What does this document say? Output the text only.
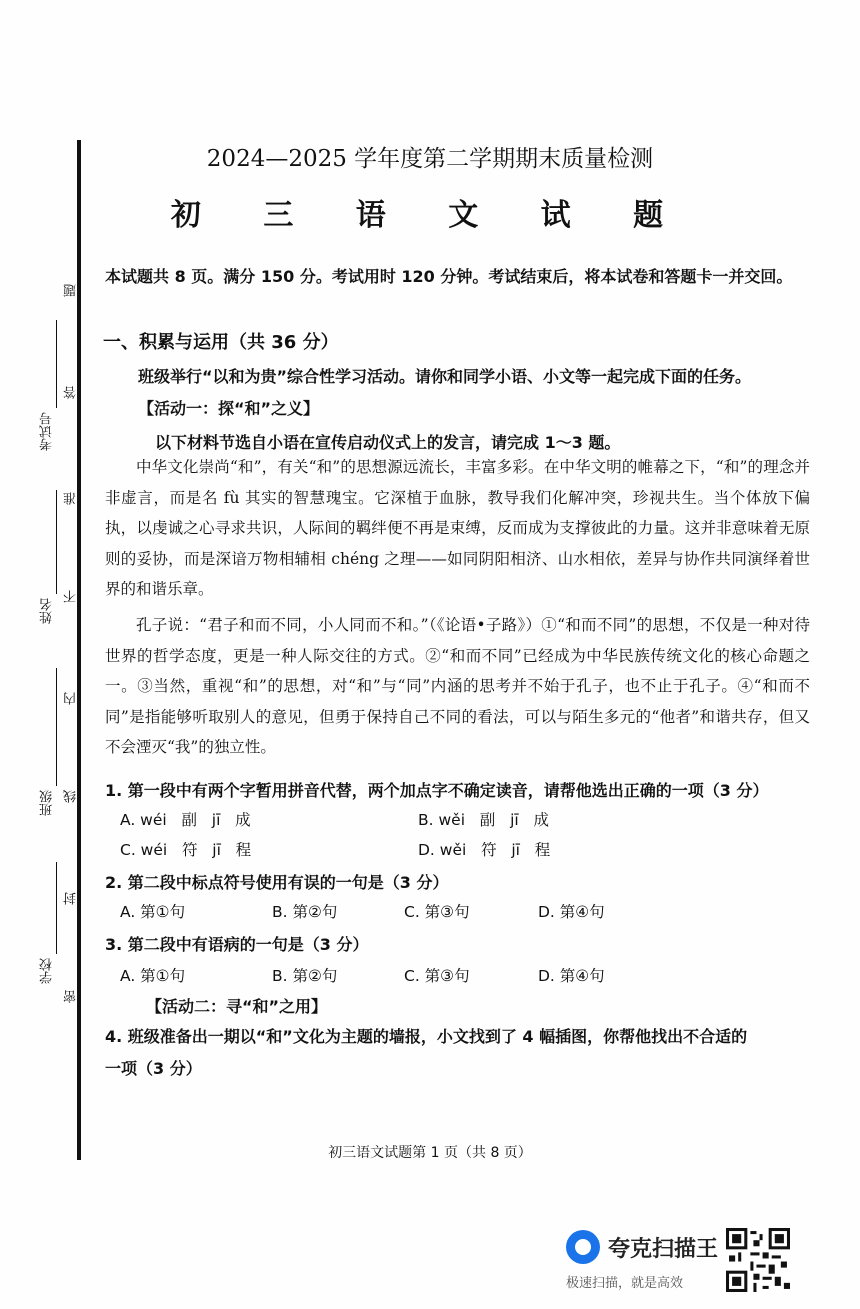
考试号
姓名
班级
学校
题
答
准
不
内
线
封
密
2024—2025 学年度第二学期期末质量检测
初 三 语 文 试 题
本试题共 8 页。满分 150 分。考试用时 120 分钟。考试结束后，将本试卷和答题卡一并交回。
一、积累与运用（共 36 分）
班级举行“以和为贵”综合性学习活动。请你和同学小语、小文等一起完成下面的任务。
【活动一：探“和”之义】
以下材料节选自小语在宣传启动仪式上的发言，请完成 1～3 题。

中华文化崇尚“和”，有关“和”的思想源远流长，丰富多彩。在中华文明的帷幕之下，“和”的理念并非虚言，而是名 fù 其实的智慧瑰宝。它深植于血脉，教导我们化解冲突，珍视共生。当个体放下偏执，以虔诚之心寻求共识，人际间的羁绊便不再是束缚，反而成为支撑彼此的力量。这并非意味着无原则的妥协，而是深谙万物相辅相 chéng 之理——如同阴阳相济、山水相依，差异与协作共同演绎着世界的和谐乐章。

孔子说：“君子和而不同，小人同而不和。”（《论语•子路》）①“和而不同”的思想，不仅是一种对待世界的哲学态度，更是一种人际交往的方式。②“和而不同”已经成为中华民族传统文化的核心命题之一。③当然，重视“和”的思想，对“和”与“同”内涵的思考并不始于孔子，也不止于孔子。④“和而不同”是指能够听取别人的意见，但勇于保持自己不同的看法，可以与陌生多元的“他者”和谐共存，但又不会湮灭“我”的独立性。

1. 第一段中有两个字暂用拼音代替，两个加点字不确定读音，请帮他选出正确的一项（3 分）
A. wéi   副   jī   成	B. wěi   副   jī   成
C. wéi   符   jī   程	D. wěi   符   jī   程
2. 第二段中标点符号使用有误的一句是（3 分）
A. 第①句	B. 第②句	C. 第③句	D. 第④句
3. 第二段中有语病的一句是（3 分）
A. 第①句	B. 第②句	C. 第③句	D. 第④句
【活动二：寻“和”之用】
4. 班级准备出一期以“和”文化为主题的墙报，小文找到了 4 幅插图，你帮他找出不合适的
一项（3 分）
初三语文试题第 1 页（共 8 页）
夸克扫描王
极速扫描，就是高效
